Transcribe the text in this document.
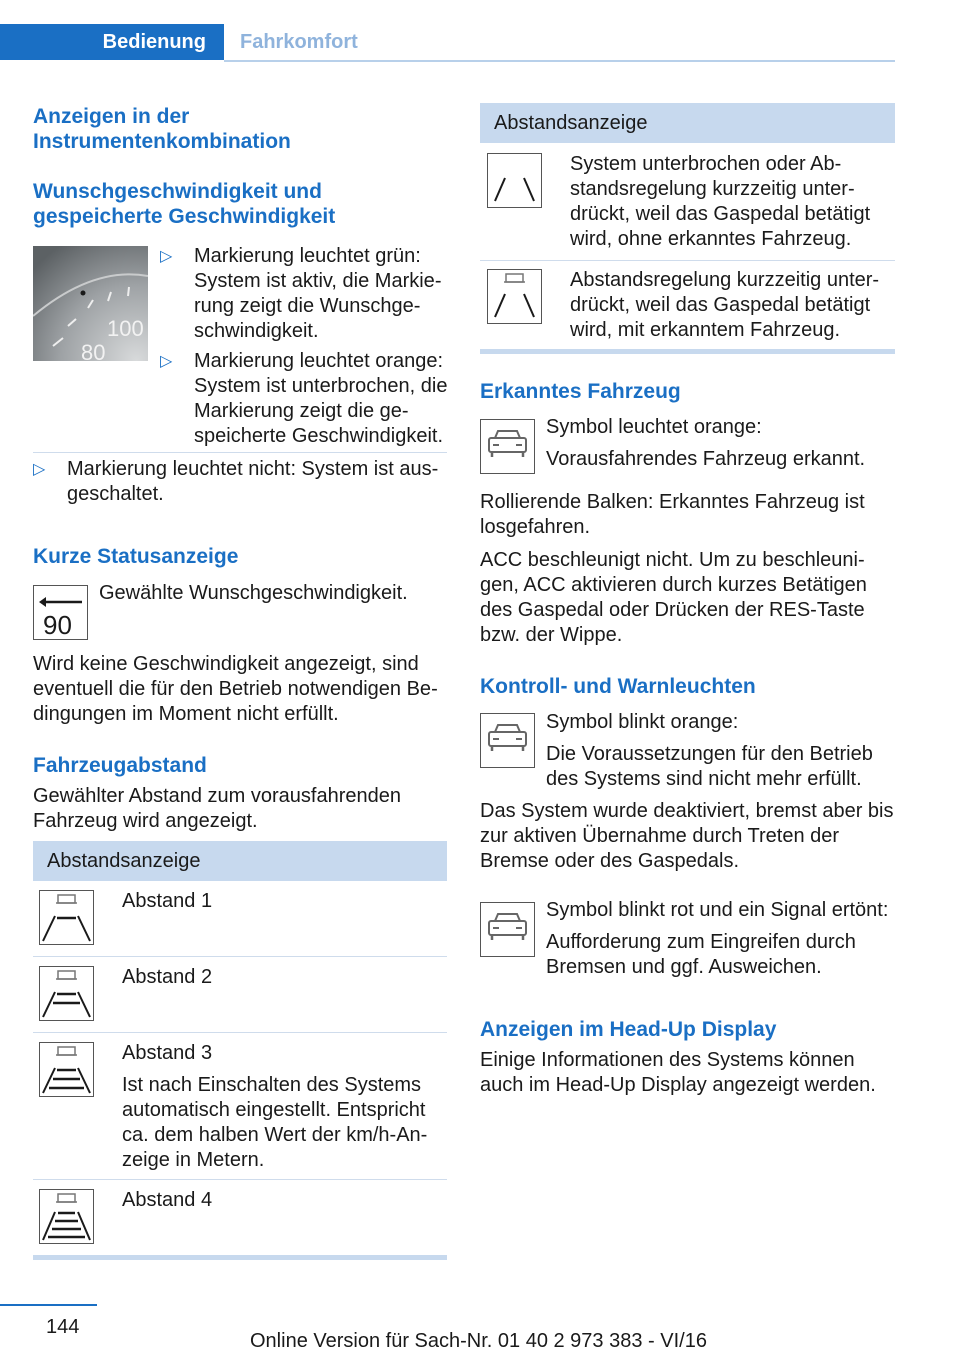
Bedienung	Fahrkomfort
Anzeigen in der Instrumentenkombination
Wunschgeschwindigkeit und gespeicherte Geschwindigkeit
100
80
▷ Markierung leuchtet grün: System ist aktiv, die Markierung zeigt die Wunschgeschwindigkeit.
▷ Markierung leuchtet orange: System ist unterbrochen, die Markierung zeigt die gespeicherte Geschwindigkeit.
▷ Markierung leuchtet nicht: System ist ausgeschaltet.
Kurze Statusanzeige
90
Gewählte Wunschgeschwindigkeit.
Wird keine Geschwindigkeit angezeigt, sind eventuell die für den Betrieb notwendigen Bedingungen im Moment nicht erfüllt.
Fahrzeugabstand
Gewählter Abstand zum vorausfahrenden Fahrzeug wird angezeigt.
Abstandsanzeige
Abstand 1
Abstand 2
Abstand 3
Ist nach Einschalten des Systems automatisch eingestellt. Entspricht ca. dem halben Wert der km/h-Anzeige in Metern.
Abstand 4
Abstandsanzeige
System unterbrochen oder Abstandsregelung kurzzeitig unterdrückt, weil das Gaspedal betätigt wird, ohne erkanntes Fahrzeug.
Abstandsregelung kurzzeitig unterdrückt, weil das Gaspedal betätigt wird, mit erkanntem Fahrzeug.
Erkanntes Fahrzeug
Symbol leuchtet orange:
Vorausfahrendes Fahrzeug erkannt.
Rollierende Balken: Erkanntes Fahrzeug ist losgefahren.
ACC beschleunigt nicht. Um zu beschleunigen, ACC aktivieren durch kurzes Betätigen des Gaspedal oder Drücken der RES-Taste bzw. der Wippe.
Kontroll- und Warnleuchten
Symbol blinkt orange:
Die Voraussetzungen für den Betrieb des Systems sind nicht mehr erfüllt.
Das System wurde deaktiviert, bremst aber bis zur aktiven Übernahme durch Treten der Bremse oder des Gaspedals.
Symbol blinkt rot und ein Signal ertönt:
Aufforderung zum Eingreifen durch Bremsen und ggf. Ausweichen.
Anzeigen im Head-Up Display
Einige Informationen des Systems können auch im Head-Up Display angezeigt werden.
144
Online Version für Sach-Nr. 01 40 2 973 383 - VI/16
